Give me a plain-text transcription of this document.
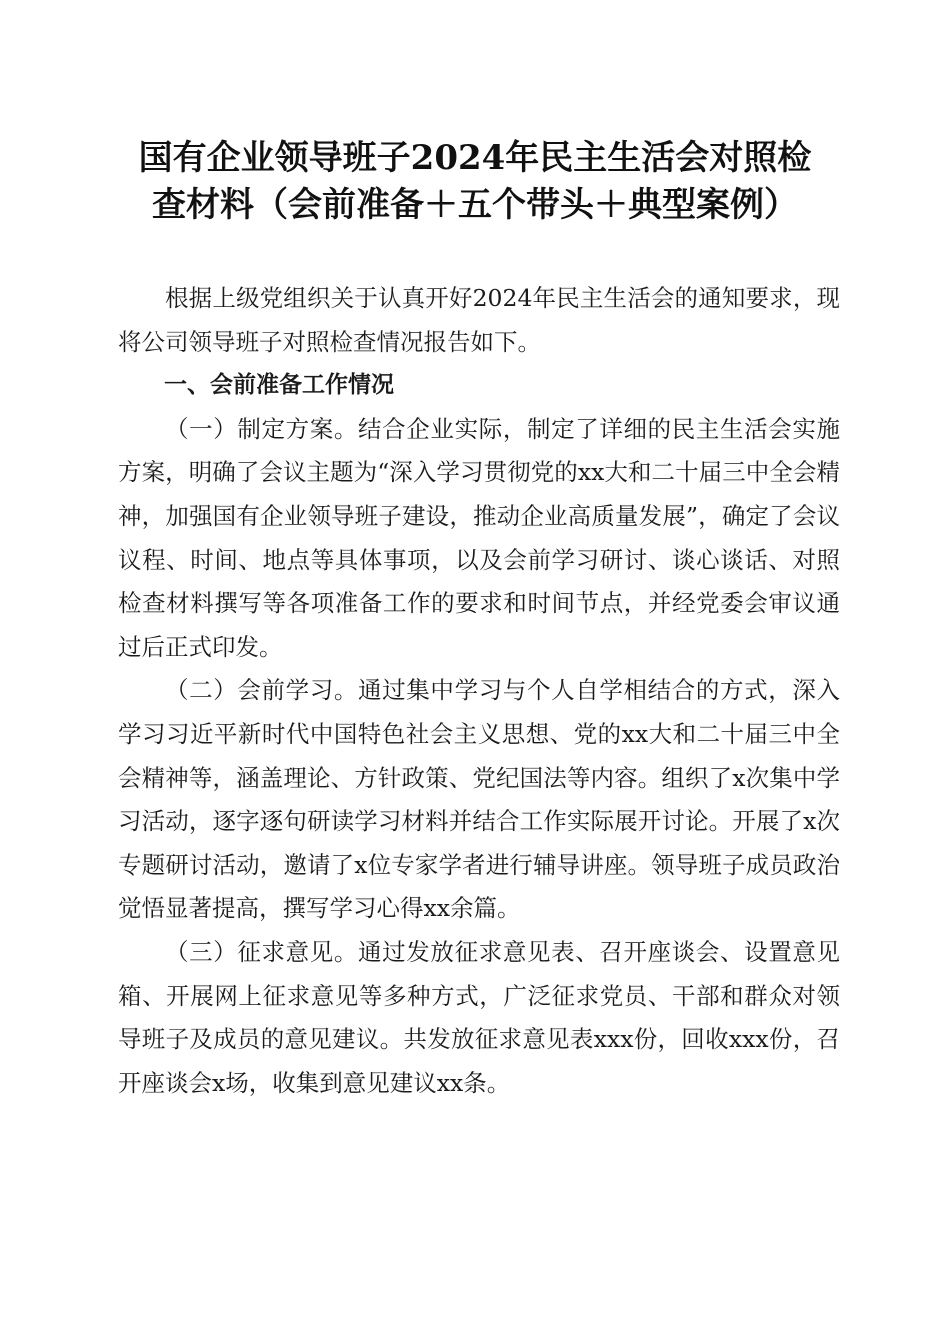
国有企业领导班子2024年民主生活会对照检
查材料（会前准备＋五个带头＋典型案例）

根据上级党组织关于认真开好2024年民主生活会的通知要求，现将公司领导班子对照检查情况报告如下。

一、会前准备工作情况

（一）制定方案。结合企业实际，制定了详细的民主生活会实施方案，明确了会议主题为“深入学习贯彻党的xx大和二十届三中全会精神，加强国有企业领导班子建设，推动企业高质量发展”，确定了会议议程、时间、地点等具体事项，以及会前学习研讨、谈心谈话、对照检查材料撰写等各项准备工作的要求和时间节点，并经党委会审议通过后正式印发。

（二）会前学习。通过集中学习与个人自学相结合的方式，深入学习习近平新时代中国特色社会主义思想、党的xx大和二十届三中全会精神等，涵盖理论、方针政策、党纪国法等内容。组织了x次集中学习活动，逐字逐句研读学习材料并结合工作实际展开讨论。开展了x次专题研讨活动，邀请了x位专家学者进行辅导讲座。领导班子成员政治觉悟显著提高，撰写学习心得xx余篇。

（三）征求意见。通过发放征求意见表、召开座谈会、设置意见箱、开展网上征求意见等多种方式，广泛征求党员、干部和群众对领导班子及成员的意见建议。共发放征求意见表xxx份，回收xxx份，召开座谈会x场，收集到意见建议xx条。
